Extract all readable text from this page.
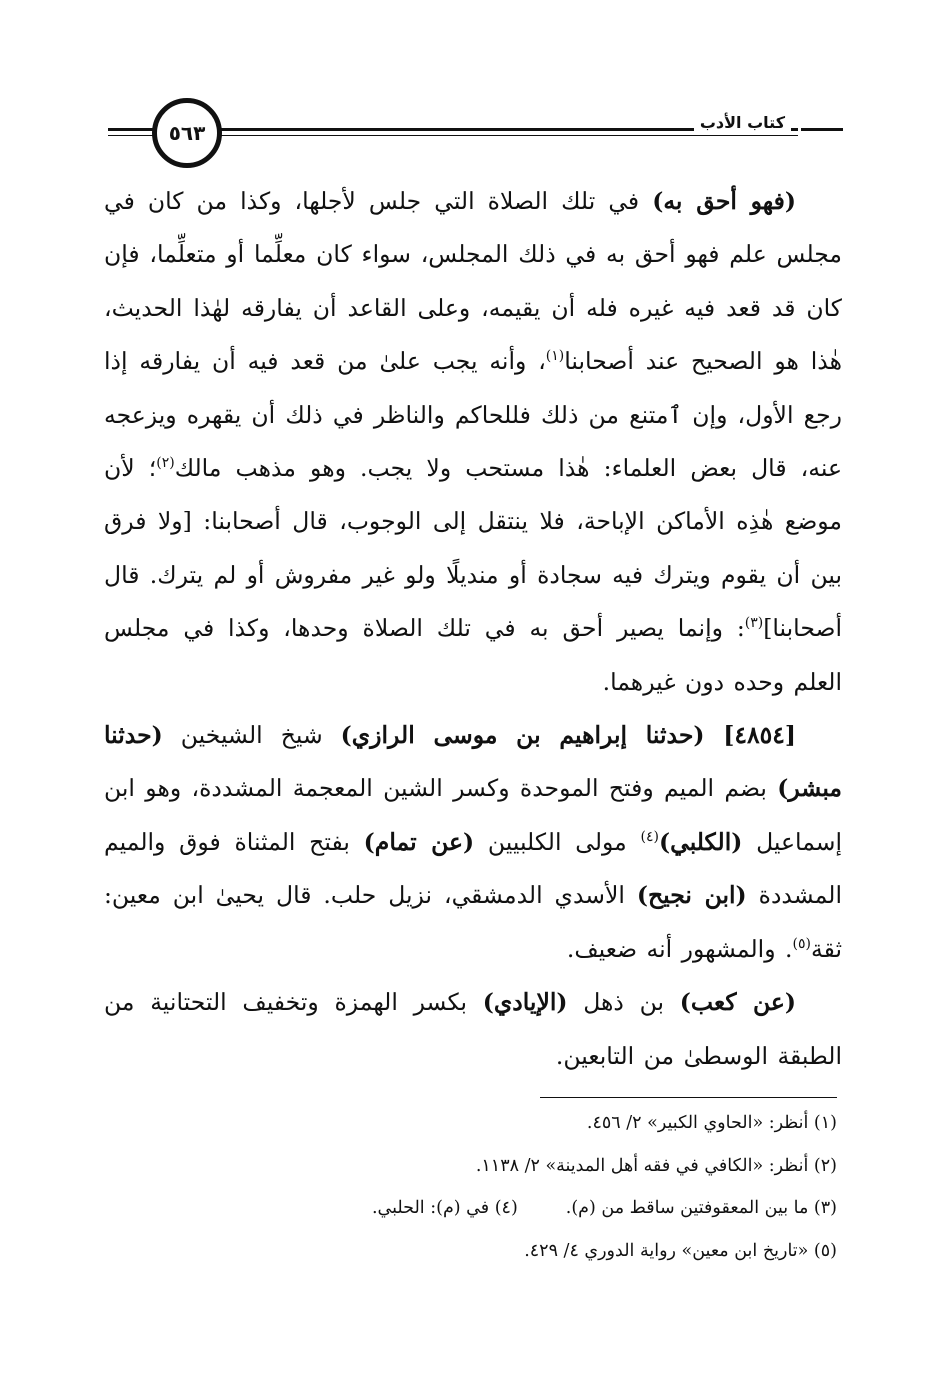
٥٦٣	كتاب الأدب

(فهو أحق به) في تلك الصلاة التي جلس لأجلها، وكذا من كان في مجلس علم فهو أحق به في ذلك المجلس، سواء كان معلِّما أو متعلِّما، فإن كان قد قعد فيه غيره فله أن يقيمه، وعلى القاعد أن يفارقه لهٰذا الحديث، هٰذا هو الصحيح عند أصحابنا$^{(١)}$، وأنه يجب علىٰ من قعد فيه أن يفارقه إذا رجع الأول، وإن ٱمتنع من ذلك فللحاكم والناظر في ذلك أن يقهره ويزعجه عنه، قال بعض العلماء: هٰذا مستحب ولا يجب. وهو مذهب مالك$^{(٢)}$؛ لأن موضع هٰذِه الأماكن الإباحة، فلا ينتقل إلى الوجوب، قال أصحابنا: [ولا فرق بين أن يقوم ويترك فيه سجادة أو منديلًا ولو غير مفروش أو لم يترك. قال أصحابنا]$^{(٣)}$: وإنما يصير أحق به في تلك الصلاة وحدها، وكذا في مجلس العلم وحده دون غيرهما.

[٤٨٥٤] (حدثنا إبراهيم بن موسى الرازي) شيخ الشيخين (حدثنا مبشر) بضم الميم وفتح الموحدة وكسر الشين المعجمة المشددة، وهو ابن إسماعيل (الكلبي)$^{(٤)}$ مولى الكلبيين (عن تمام) بفتح المثناة فوق والميم المشددة (ابن نجيح) الأسدي الدمشقي، نزيل حلب. قال يحيىٰ ابن معين: ثقة$^{(٥)}$. والمشهور أنه ضعيف.

(عن كعب) بن ذهل (الإيادي) بكسر الهمزة وتخفيف التحتانية من الطبقة الوسطىٰ من التابعين.

(١) أنظر: «الحاوي الكبير» ٢/ ٤٥٦.
(٢) أنظر: «الكافي في فقه أهل المدينة» ٢/ ١١٣٨.
(٣) ما بين المعقوفتين ساقط من (م).(٤) في (م): الحلبي.
(٥) «تاريخ ابن معين» رواية الدوري ٤/ ٤٢٩.
